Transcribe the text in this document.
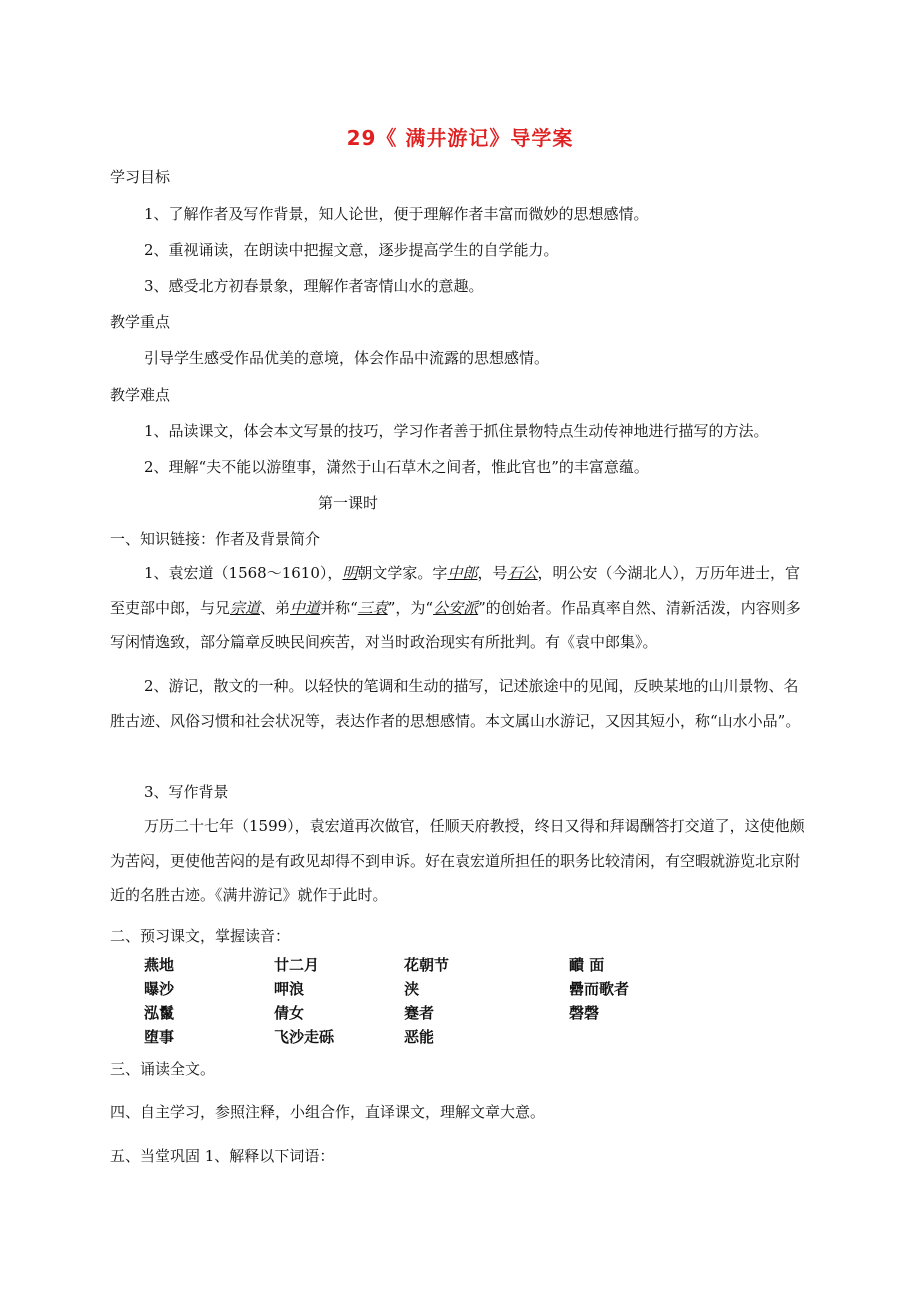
29《 满井游记》导学案
学习目标
1、了解作者及写作背景，知人论世，便于理解作者丰富而微妙的思想感情。
2、重视诵读，在朗读中把握文意，逐步提高学生的自学能力。
3、感受北方初春景象，理解作者寄情山水的意趣。
教学重点
引导学生感受作品优美的意境，体会作品中流露的思想感情。
教学难点
1、品读课文，体会本文写景的技巧，学习作者善于抓住景物特点生动传神地进行描写的方法。
2、理解“夫不能以游堕事，潇然于山石草木之间者，惟此官也”的丰富意蕴。
第一课时
一、知识链接：作者及背景简介
1、袁宏道（1568～1610），明朝文学家。字中郎，号石公，明公安（今湖北人），万历年进士，官至吏部中郎，与兄宗道、弟中道并称“三袁”，为“公安派”的创始者。作品真率自然、清新活泼，内容则多写闲情逸致，部分篇章反映民间疾苦，对当时政治现实有所批判。有《袁中郎集》。
2、游记，散文的一种。以轻快的笔调和生动的描写，记述旅途中的见闻，反映某地的山川景物、名胜古迹、风俗习惯和社会状况等，表达作者的思想感情。本文属山水游记，又因其短小，称“山水小品”。
3、写作背景
万历二十七年（1599），袁宏道再次做官，任顺天府教授，终日又得和拜谒酬答打交道了，这使他颇为苦闷，更使他苦闷的是有政见却得不到申诉。好在袁宏道所担任的职务比较清闲，有空暇就游览北京附近的名胜古迹。《满井游记》就作于此时。
二、预习课文，掌握读音：
燕地	廿二月	花朝节	靧 面
曝沙	呷浪	浃	罍而歌者
泓鬣	倩女	蹇者	磬磬
堕事	飞沙走砾	恶能
三、诵读全文。
四、自主学习，参照注释，小组合作，直译课文，理解文章大意。
五、当堂巩固 1、解释以下词语：
